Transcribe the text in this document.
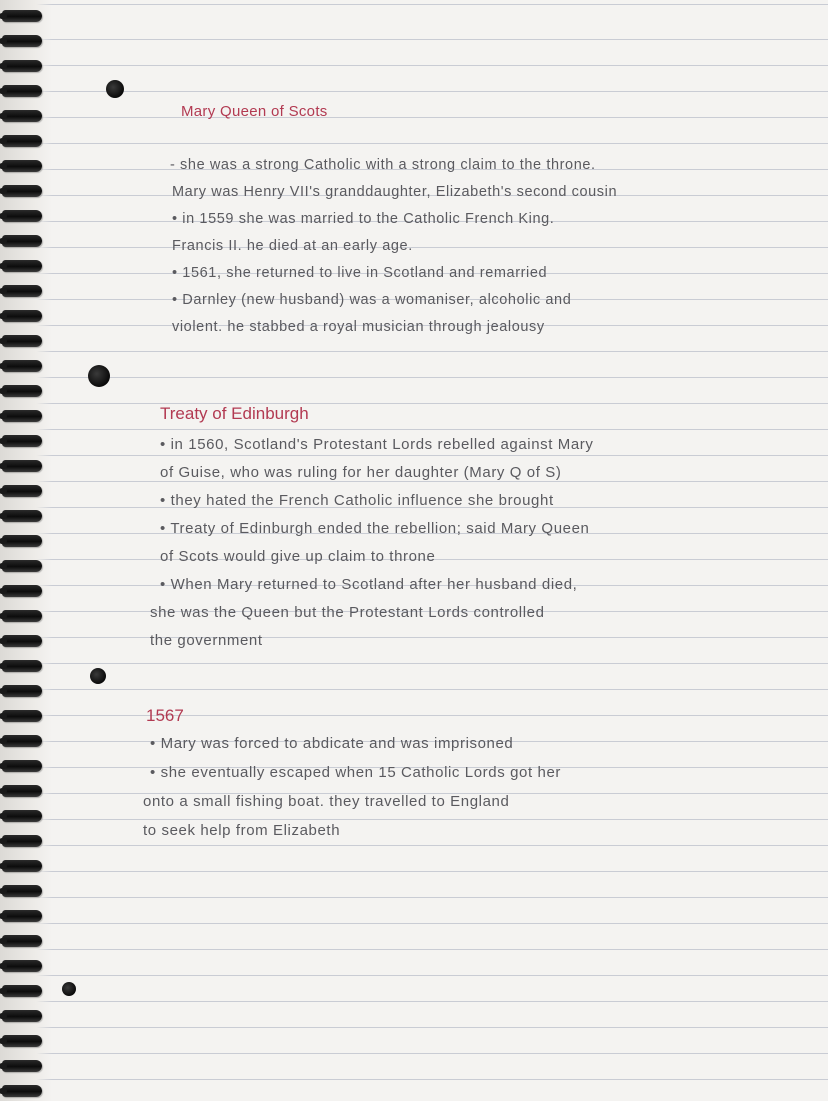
Mary Queen of Scots
- she was a strong Catholic with a strong claim to the throne.
Mary was Henry VII's granddaughter, Elizabeth's second cousin
• in 1559 she was married to the Catholic French King.
Francis II. he died at an early age.
• 1561, she returned to live in Scotland and remarried
• Darnley (new husband) was a womaniser, alcoholic and
violent. he stabbed a royal musician through jealousy
Treaty of Edinburgh
• in 1560, Scotland's Protestant Lords rebelled against Mary
of Guise, who was ruling for her daughter (Mary Q of S)
• they hated the French Catholic influence she brought
• Treaty of Edinburgh ended the rebellion; said Mary Queen
of Scots would give up claim to throne
• When Mary returned to Scotland after her husband died,
she was the Queen but the Protestant Lords controlled
the government
1567
• Mary was forced to abdicate and was imprisoned
• she eventually escaped when 15 Catholic Lords got her
onto a small fishing boat. they travelled to England
to seek help from Elizabeth
